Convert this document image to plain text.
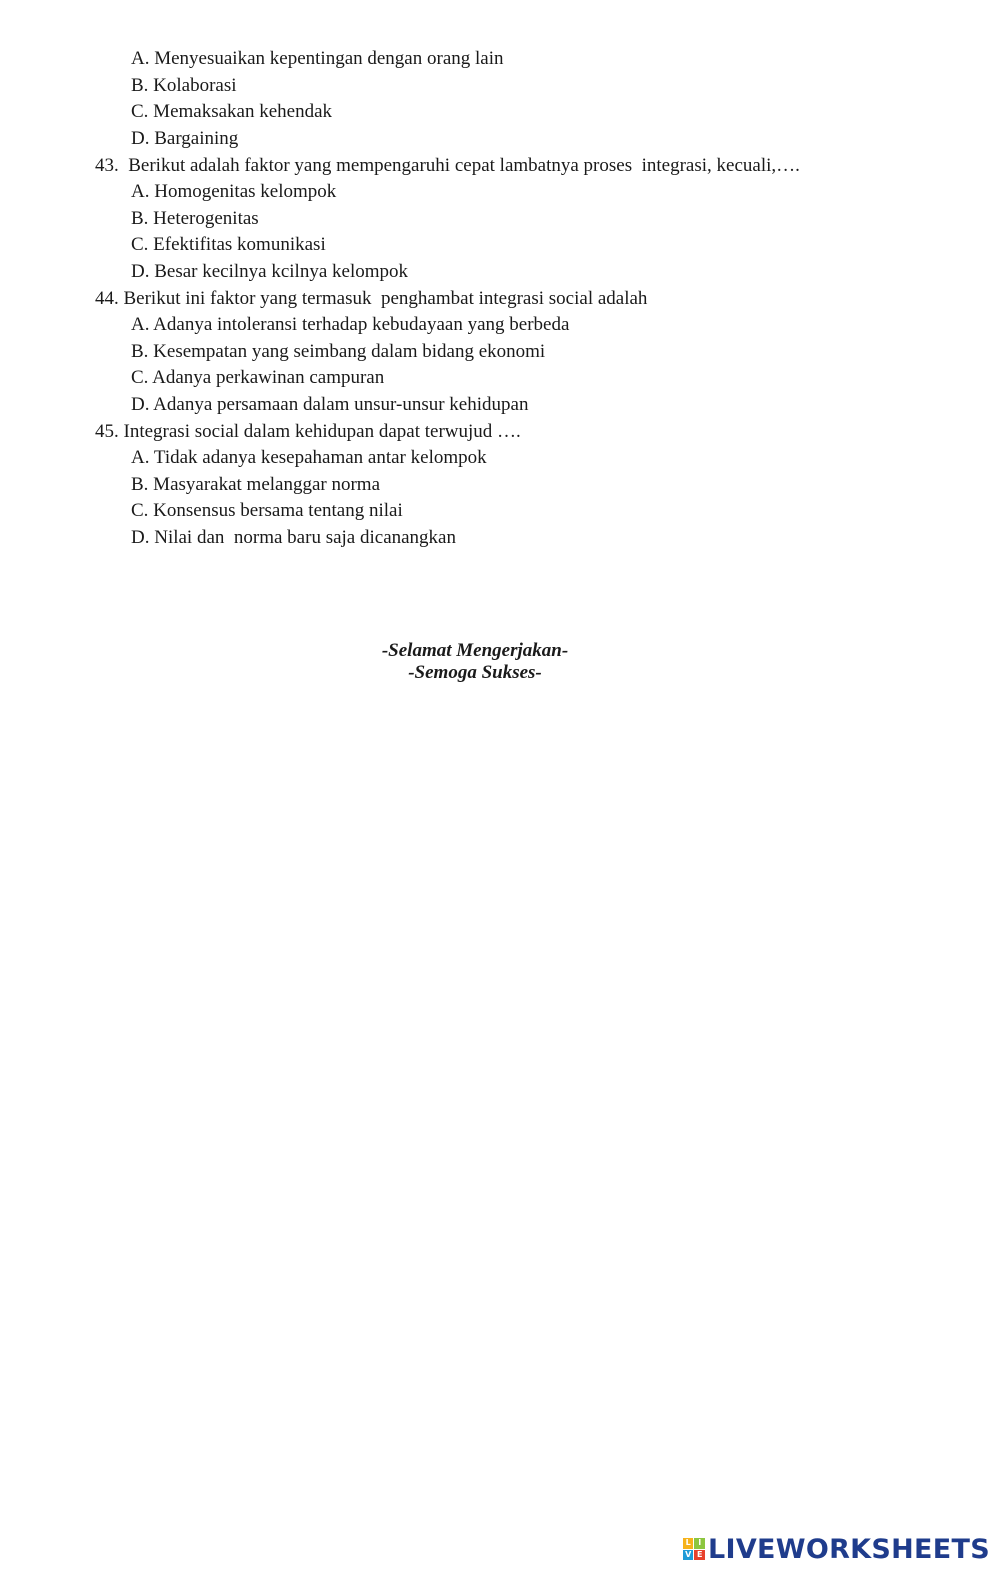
A. Menyesuaikan kepentingan dengan orang lain
B. Kolaborasi
C. Memaksakan kehendak
D. Bargaining
43.  Berikut adalah faktor yang mempengaruhi cepat lambatnya proses  integrasi, kecuali,….
A. Homogenitas kelompok
B. Heterogenitas
C. Efektifitas komunikasi
D. Besar kecilnya kcilnya kelompok
44. Berikut ini faktor yang termasuk  penghambat integrasi social adalah
A. Adanya intoleransi terhadap kebudayaan yang berbeda
B. Kesempatan yang seimbang dalam bidang ekonomi
C. Adanya perkawinan campuran
D. Adanya persamaan dalam unsur-unsur kehidupan
45. Integrasi social dalam kehidupan dapat terwujud ….
A. Tidak adanya kesepahaman antar kelompok
B. Masyarakat melanggar norma
C. Konsensus bersama tentang nilai
D. Nilai dan  norma baru saja dicanangkan
-Selamat Mengerjakan-
-Semoga Sukses-
L I
V E LIVEWORKSHEETS
